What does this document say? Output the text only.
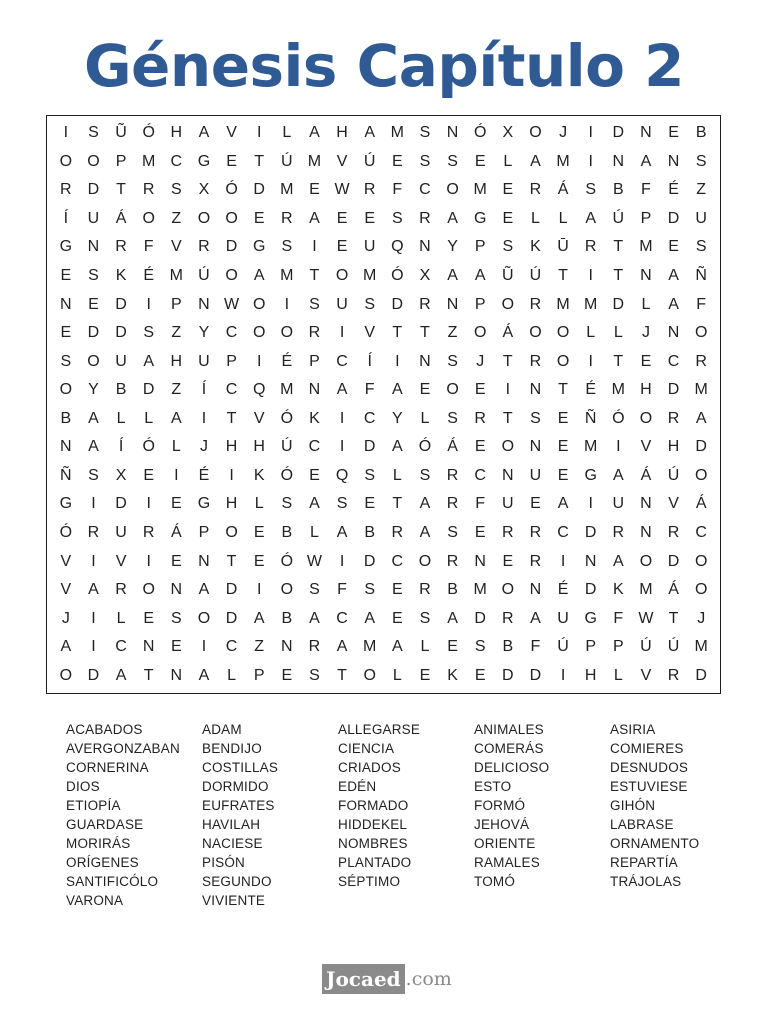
Génesis Capítulo 2
I	S	Ũ Ó H	A	V	I	L	A	H	A M S	N Ó	X	O	J	I	D	N	E	B
O O	P M C G	E	T	Ú M V	Ú	E	S	S	E	L	A M	I	N	A	N	S
R	D	T	R	S	X	Ó D M E W R	F	C O M E	R	Á	S	B	F	É	Z
Í	U	Á	O	Z	O O	E	R	A	E	E	S	R	A	G	E	L	L	A	Ú	P	D	U
G N	R	F	V	R	D G	S	I	E	U Q N	Y	P	S	K	Ū	R	T	M E	S
E	S	K	É M Ú O	A M	T	O M Ó	X	A	A	Ũ	Ú	T	I	T	N	A	Ñ
N	E	D	I	P	N W O	I	S	U	S	D	R	N	P	O R M M D	L	A	F
E	D	D	S	Z	Y	C O O R	I	V	T	T	Z	O	Á	O O	L	L	J	N O
S	O U	A	H	U	P	I	É	P	C	Í	I	N	S	J	T	R O	I	T	E	C	R
O	Y	B	D	Z	Í	C Q M N	A	F	A	E	O	E	I	N	T	É M H	D M
B	A	L	L	A	I	T	V	Ó	K	I	C	Y	L	S	R	T	S	E	Ñ Ó O R	A
N	A	Í	Ó	L	J	H	H	Ú	C	I	D	A	Ó	Á	E	O N	E M	I	V	H	D
Ñ	S	X	E	I	É	I	K	Ó	E	Q	S	L	S	R	C	N	U	E	G	A	Á	Ú O
G	I	D	I	E	G H	L	S	A	S	E	T	A	R	F	U	E	A	I	U	N	V	Á
Ó R	U	R	Á	P	O	E	B	L	A	B	R	A	S	E	R	R	C	D	R	N	R	C
V	I	V	I	E	N	T	E	Ó W	I	D	C O R	N	E	R	I	N	A	O D O
V	A	R O N	A	D	I	O	S	F	S	E	R	B M O N	É	D	K M Á	O
J	I	L	E	S	O D	A	B	A	C	A	E	S	A	D	R	A	U G	F W T	J
A	I	C	N	E	I	C	Z	N	R	A M A	L	E	S	B	F	Ú	P	P	Ú	Ú M
O D	A	T	N	A	L	P	E	S	T	O	L	E	K	E	D	D	I	H	L	V	R	D
ACABADOS	ADAM	ALLEGARSE	ANIMALES	ASIRIA
AVERGONZABAN	BENDIJO	CIENCIA	COMERÁS	COMIERES
CORNERINA	COSTILLAS	CRIADOS	DELICIOSO	DESNUDOS
DIOS	DORMIDO	EDÉN	ESTO	ESTUVIESE
ETIOPÍA	EUFRATES	FORMADO	FORMÓ	GIHÓN
GUARDASE	HAVILAH	HIDDEKEL	JEHOVÁ	LABRASE
MORIRÁS	NACIESE	NOMBRES	ORIENTE	ORNAMENTO
ORÍGENES	PISÓN	PLANTADO	RAMALES	REPARTÍA
SANTIFICÓLO	SEGUNDO	SÉPTIMO	TOMÓ	TRÁJOLAS
VARONA	VIVIENTE
Jocaed .com
